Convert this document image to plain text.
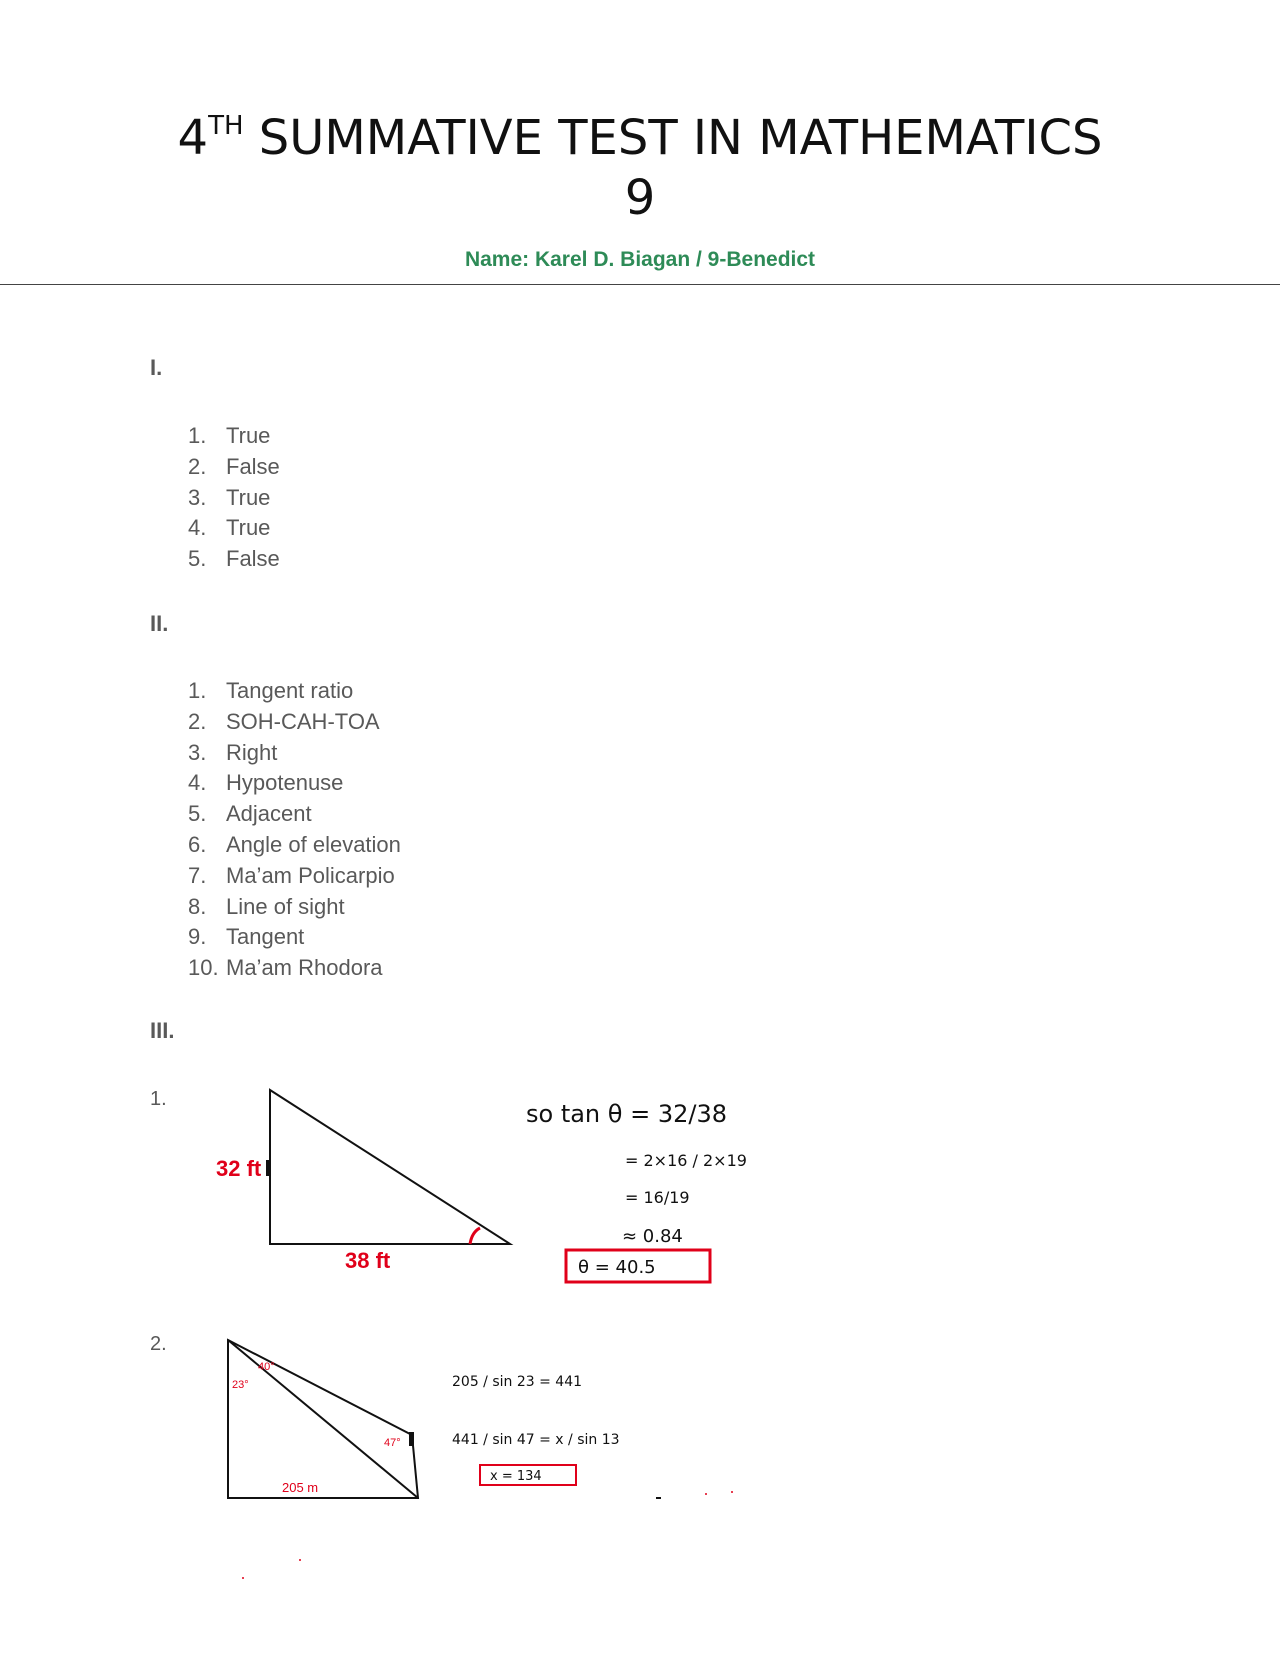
4TH SUMMATIVE TEST IN MATHEMATICS
9
Name: Karel D. Biagan / 9-Benedict
I.
1. True
2. False
3. True
4. True
5. False
II.
1. Tangent ratio
2. SOH-CAH-TOA
3. Right
4. Hypotenuse
5. Adjacent
6. Angle of elevation
7. Ma’am Policarpio
8. Line of sight
9. Tangent
10. Ma’am Rhodora
III.
1.
2.
32 ft
38 ft
so tan θ = 32/38
= 2×16 / 2×19
= 16/19
≈ 0.84
θ = 40.5
40°
23°
47°
205 m
205 / sin 23 = 441
441 / sin 47 = x / sin 13
x = 134
